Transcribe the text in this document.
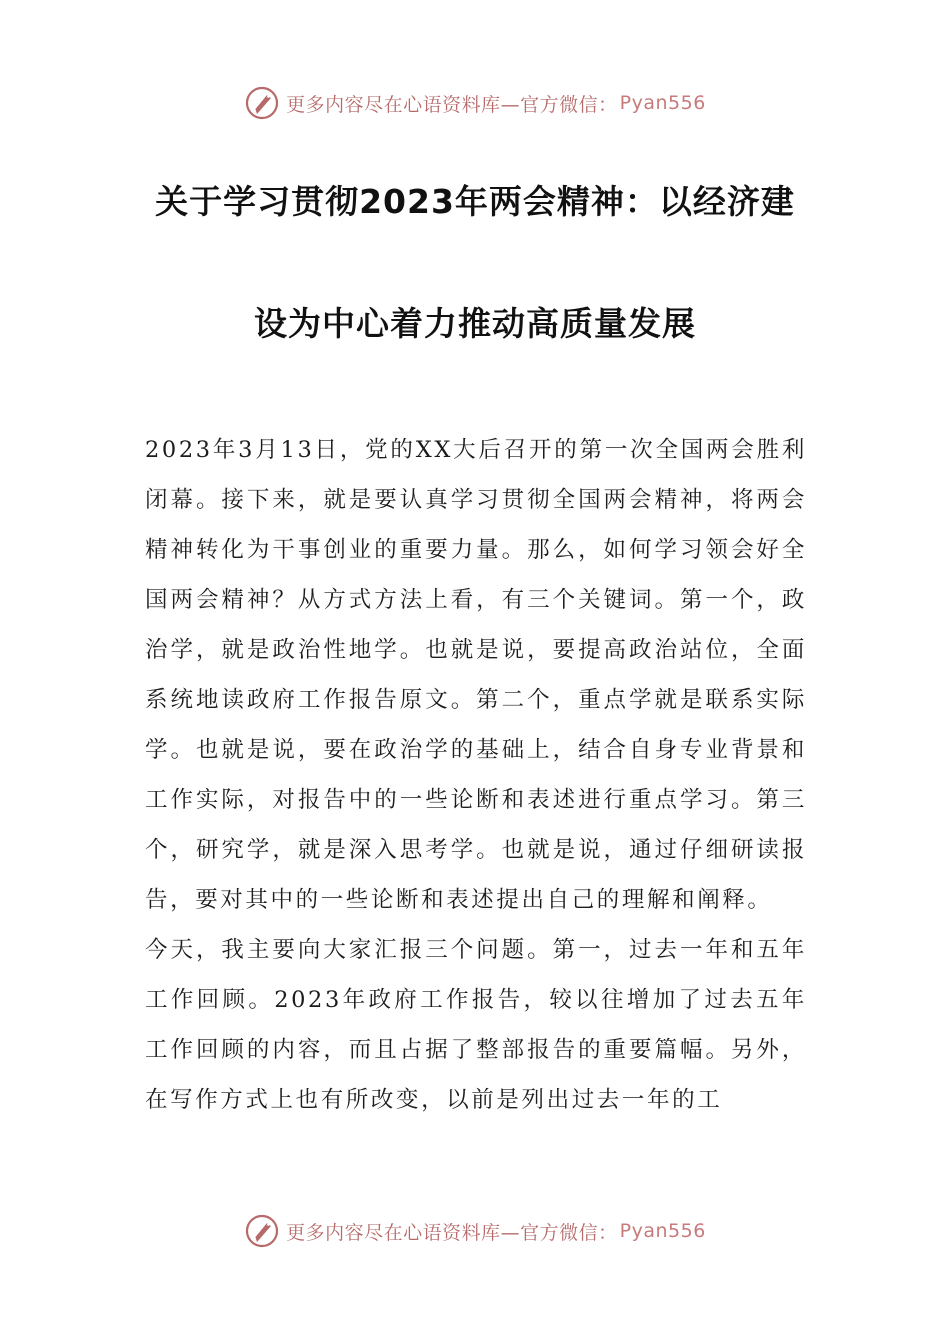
更多内容尽在心语资料库—官方微信： Pyan556
关于学习贯彻2023年两会精神：以经济建
设为中心着力推动高质量发展

2023年3月13日，党的XX大后召开的第一次全国两会胜利闭幕。接下来，就是要认真学习贯彻全国两会精神，将两会精神转化为干事创业的重要力量。那么，如何学习领会好全国两会精神？从方式方法上看，有三个关键词。第一个，政治学，就是政治性地学。也就是说，要提高政治站位，全面系统地读政府工作报告原文。第二个，重点学就是联系实际学。也就是说，要在政治学的基础上，结合自身专业背景和工作实际，对报告中的一些论断和表述进行重点学习。第三个，研究学，就是深入思考学。也就是说，通过仔细研读报告，要对其中的一些论断和表述提出自己的理解和阐释。

今天，我主要向大家汇报三个问题。第一，过去一年和五年工作回顾。2023年政府工作报告，较以往增加了过去五年工作回顾的内容，而且占据了整部报告的重要篇幅。另外，在写作方式上也有所改变，以前是列出过去一年的工

更多内容尽在心语资料库—官方微信： Pyan556
